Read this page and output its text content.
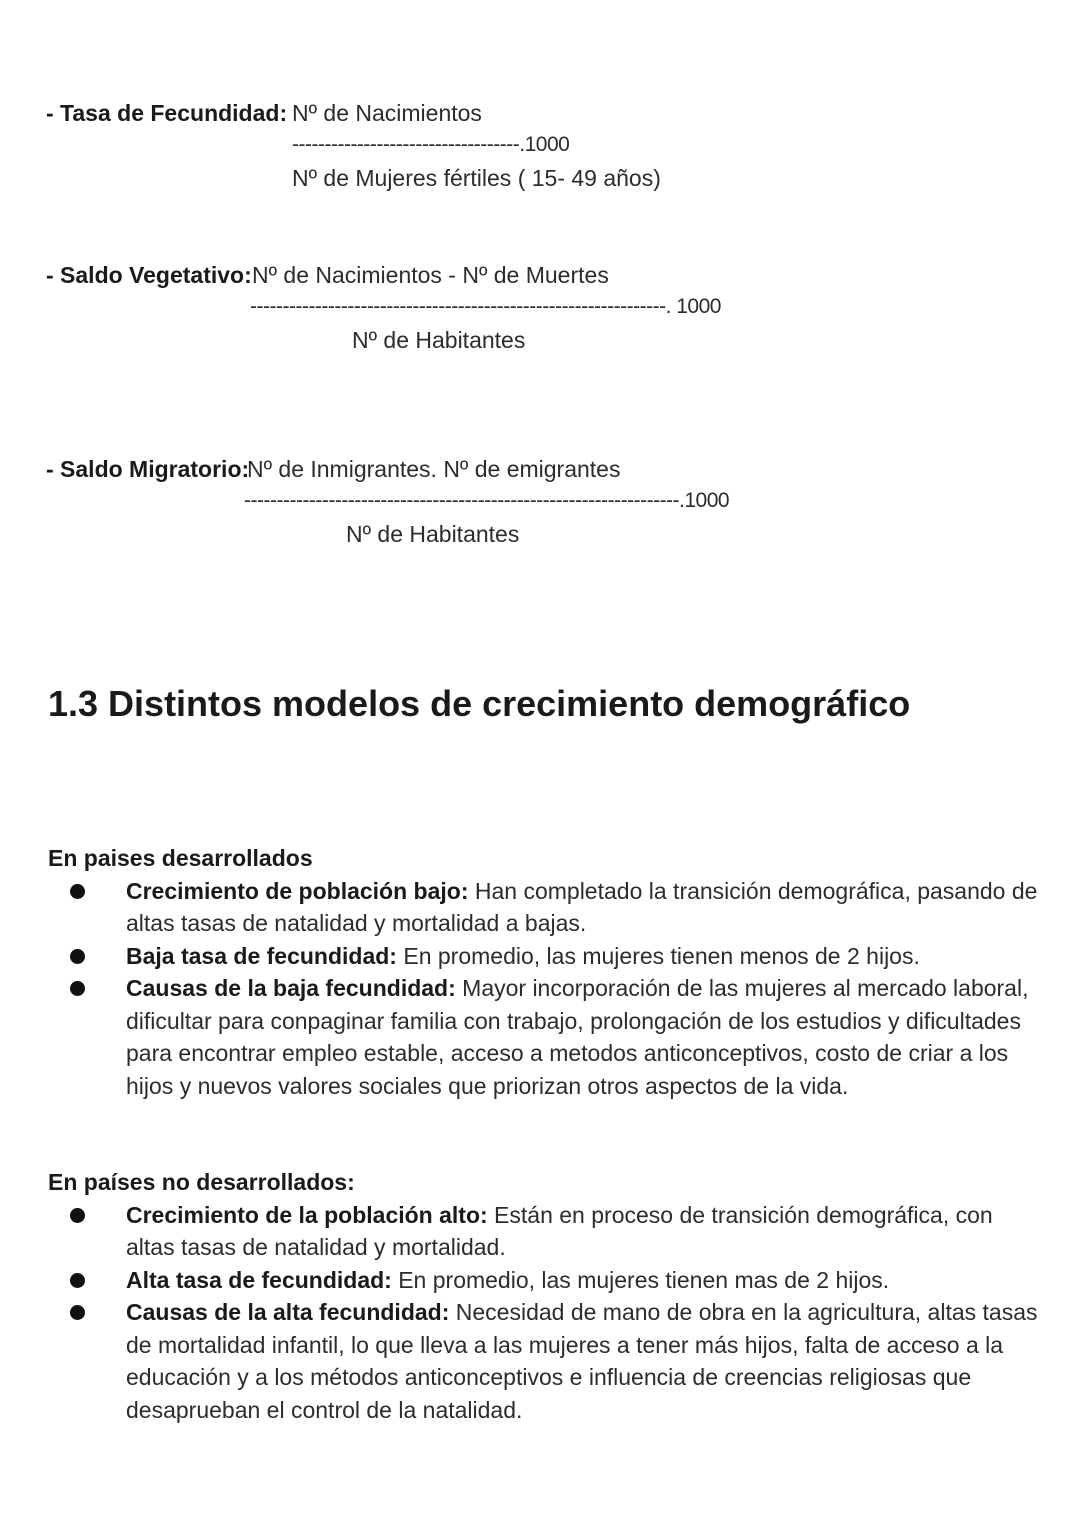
- Tasa de Fecundidad: Nº de Nacimientos
-----------------------------------.1000
Nº de Mujeres fértiles ( 15- 49 años)
- Saldo Vegetativo: Nº de Nacimientos - Nº de Muertes
----------------------------------------------------------------. 1000
Nº de Habitantes
- Saldo Migratorio:
Nº de Inmigrantes. Nº de emigrantes
-------------------------------------------------------------------.1000
Nº de Habitantes
1.3 Distintos modelos de crecimiento demográfico
En paises desarrollados
Crecimiento de población bajo: Han completado la transición demográfica, pasando de altas tasas de natalidad y mortalidad a bajas.
Baja tasa de fecundidad: En promedio, las mujeres tienen menos de 2 hijos.
Causas de la baja fecundidad: Mayor incorporación de las mujeres al mercado laboral, dificultar para conpaginar familia con trabajo, prolongación de los estudios y dificultades para encontrar empleo estable, acceso a metodos anticonceptivos, costo de criar a los hijos y nuevos valores sociales que priorizan otros aspectos de la vida.
En países no desarrollados:
Crecimiento de la población alto: Están en proceso de transición demográfica, con altas tasas de natalidad y mortalidad.
Alta tasa de fecundidad: En promedio, las mujeres tienen mas de 2 hijos.
Causas de la alta fecundidad: Necesidad de mano de obra en la agricultura, altas tasas de mortalidad infantil, lo que lleva a las mujeres a tener más hijos, falta de acceso a la educación y a los métodos anticonceptivos e influencia de creencias religiosas que desaprueban el control de la natalidad.
